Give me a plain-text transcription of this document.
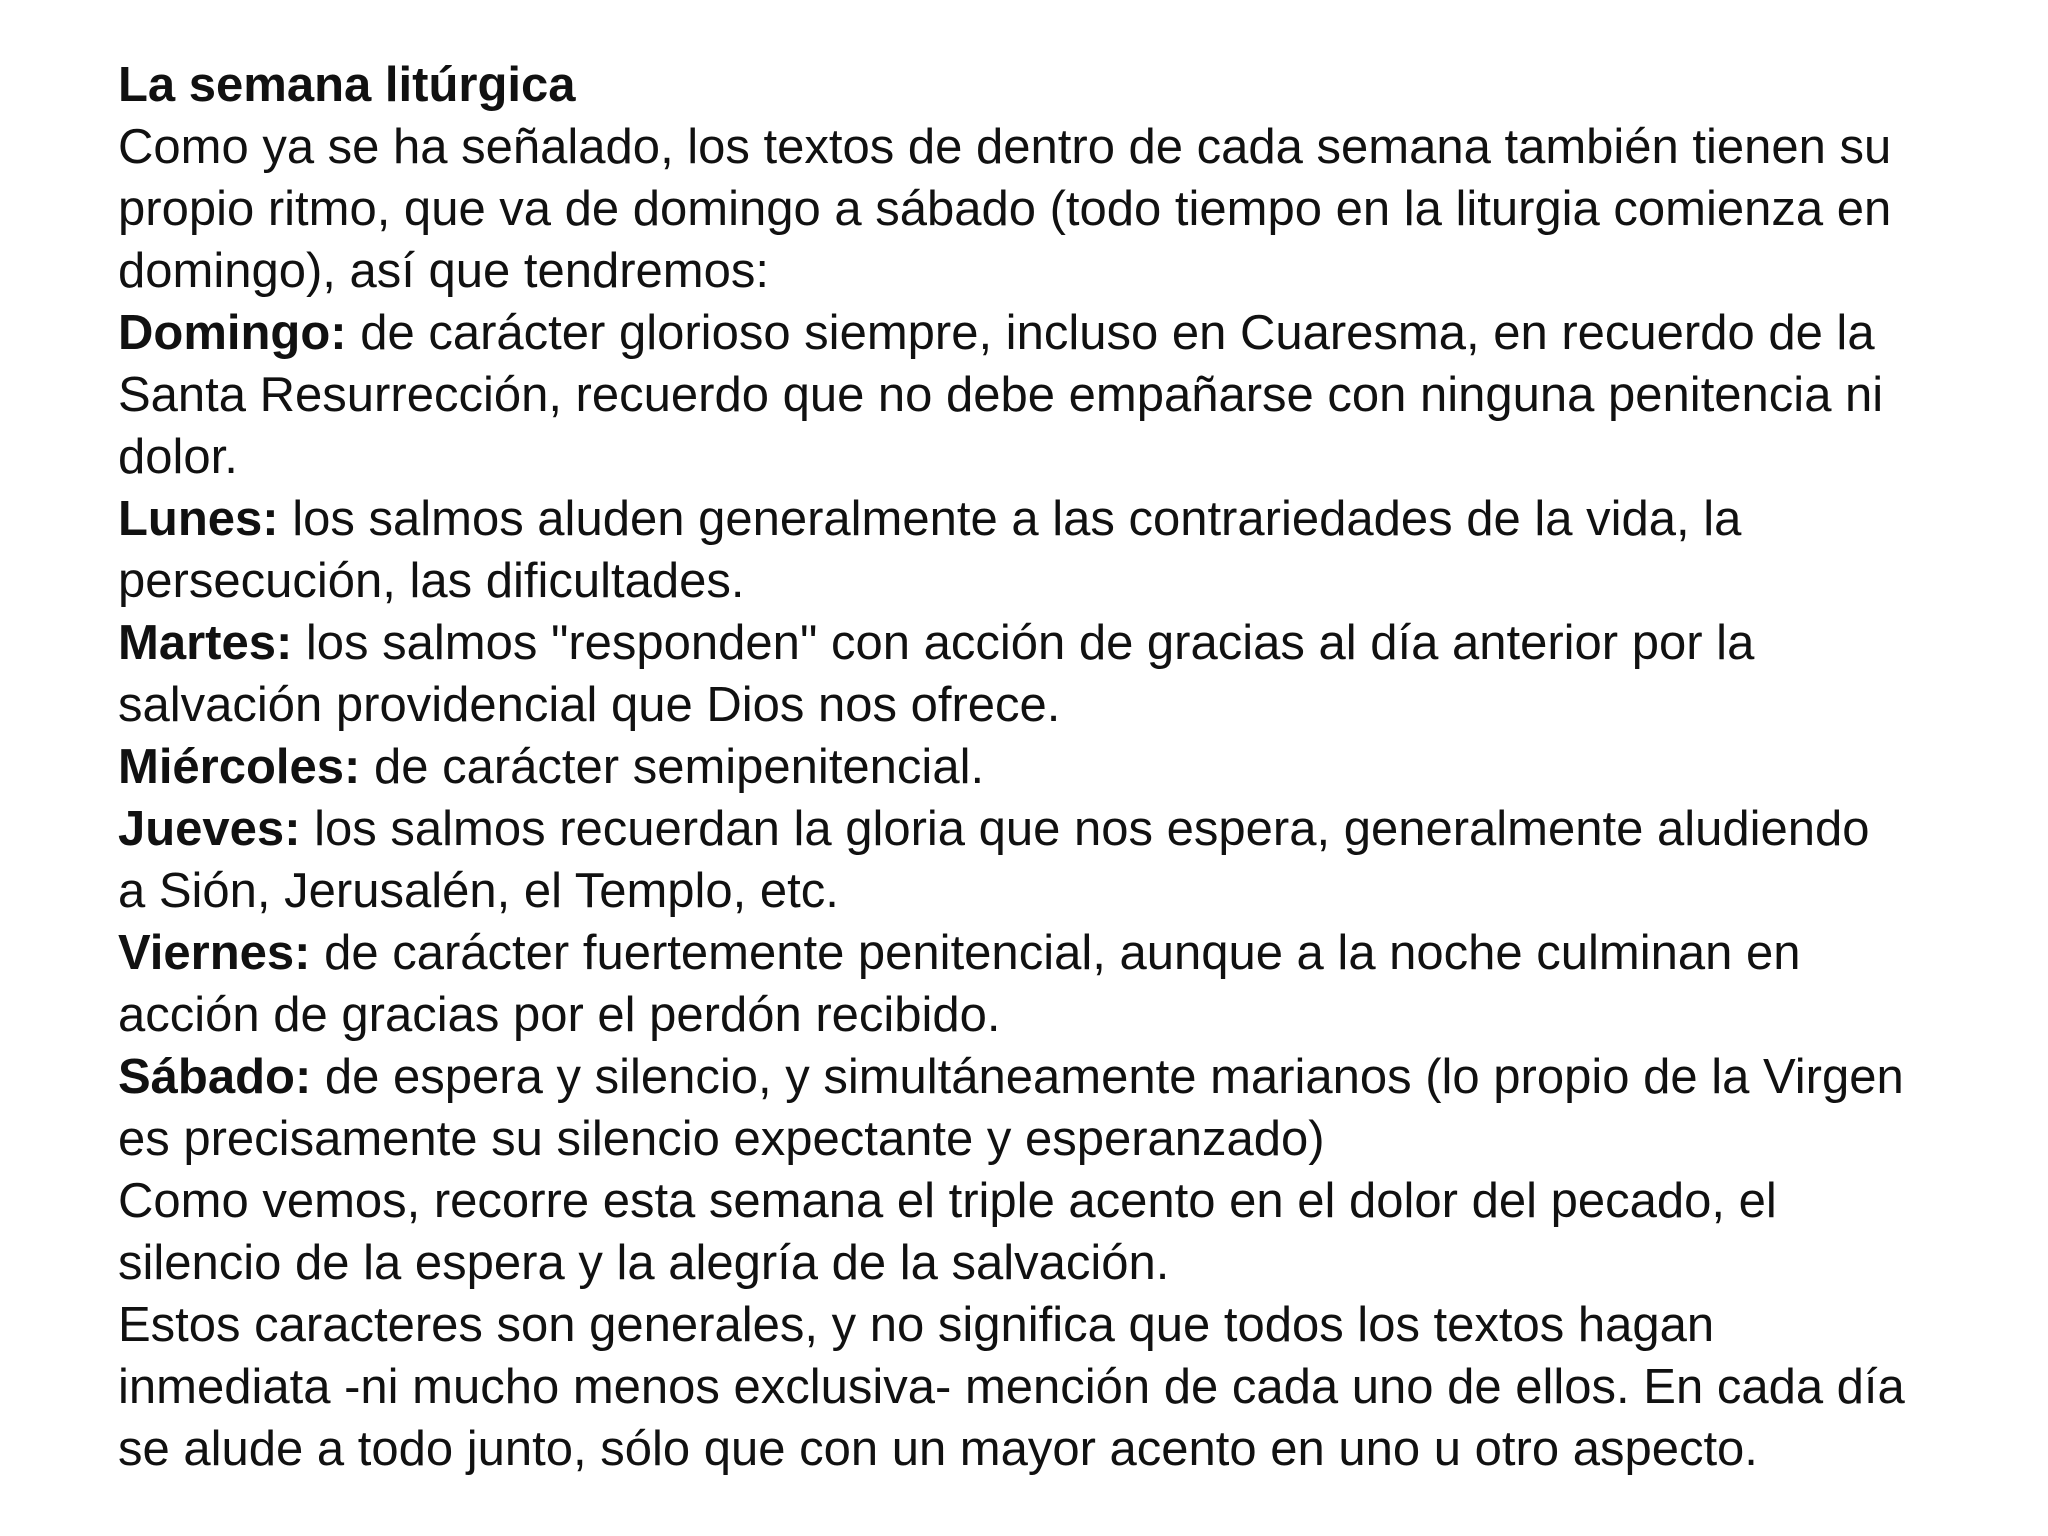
La semana litúrgica
Como ya se ha señalado, los textos de dentro de cada semana también tienen su
propio ritmo, que va de domingo a sábado (todo tiempo en la liturgia comienza en
domingo), así que tendremos:
Domingo: de carácter glorioso siempre, incluso en Cuaresma, en recuerdo de la
Santa Resurrección, recuerdo que no debe empañarse con ninguna penitencia ni
dolor.
Lunes: los salmos aluden generalmente a las contrariedades de la vida, la
persecución, las dificultades.
Martes: los salmos "responden" con acción de gracias al día anterior por la
salvación providencial que Dios nos ofrece.
Miércoles: de carácter semipenitencial.
Jueves: los salmos recuerdan la gloria que nos espera, generalmente aludiendo
a Sión, Jerusalén, el Templo, etc.
Viernes: de carácter fuertemente penitencial, aunque a la noche culminan en
acción de gracias por el perdón recibido.
Sábado: de espera y silencio, y simultáneamente marianos (lo propio de la Virgen
es precisamente su silencio expectante y esperanzado)
Como vemos, recorre esta semana el triple acento en el dolor del pecado, el
silencio de la espera y la alegría de la salvación.
Estos caracteres son generales, y no significa que todos los textos hagan
inmediata -ni mucho menos exclusiva- mención de cada uno de ellos. En cada día
se alude a todo junto, sólo que con un mayor acento en uno u otro aspecto.
